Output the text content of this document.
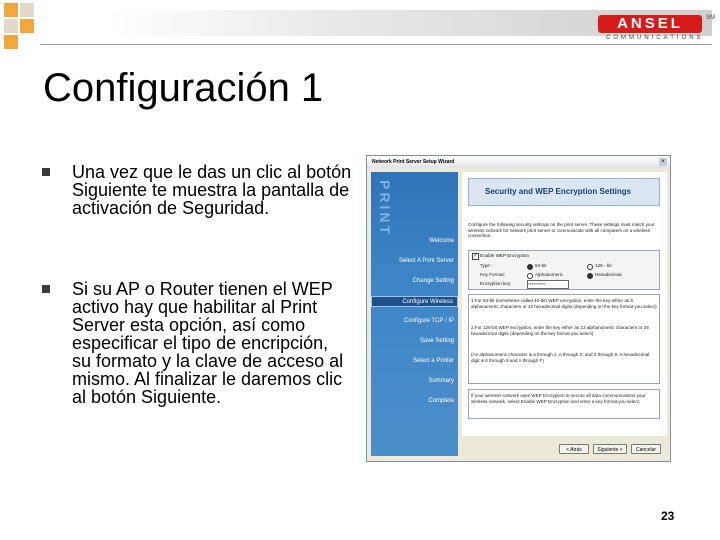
ANSEL
COMMUNICATIONS
SM
Configuración 1
Una vez que le das un clic al botón Siguiente te muestra la pantalla de activación de Seguridad.
Si su AP o Router tienen el WEP activo hay que habilitar al Print Server esta opción, así como especificar el tipo de encripción, su formato y la clave de acceso al mismo. Al finalizar le daremos clic al botón Siguiente.
Network Print Server Setup Wizard	×
PRINT
Welcome
Select A Print Server
Change Setting
Configure Wireless
Configure TCP / IP
Save Setting
Select a Printer
Summary
Complete
Security and WEP Encryption Settings
Configure the following security settings on the print server. These settings must match your wireless network for network print server to communicate with all computers on a wireless connection.
✓ Enable WEP Encryption
Type :	64-bit	128 - bit
Key Format:	Alphanumeric	Hexadecimal
Encryption key:	**********
1.For 64-bit (sometimes called 40-bit) WEP encryption, enter the key either as 5 alphanumeric characters or 10 hexadecimal digits (depending on the key format you select)
2.For 128-bit WEP encryption, enter the key either as 13 alphanumeric characters or 26 hexadecimal digits (depending on the key format you select)
(An alphanumeric character is a through z, A through Z, and 0 through 9. A hexadecimal digit is 0 through 9 and A through F)
If your wireless network uses WEP Encryption to secure all data communications your wireless network, select Enable WEP Encryption and enter a key format you select.
< Atrás	Siguiente >	Cancelar
23
